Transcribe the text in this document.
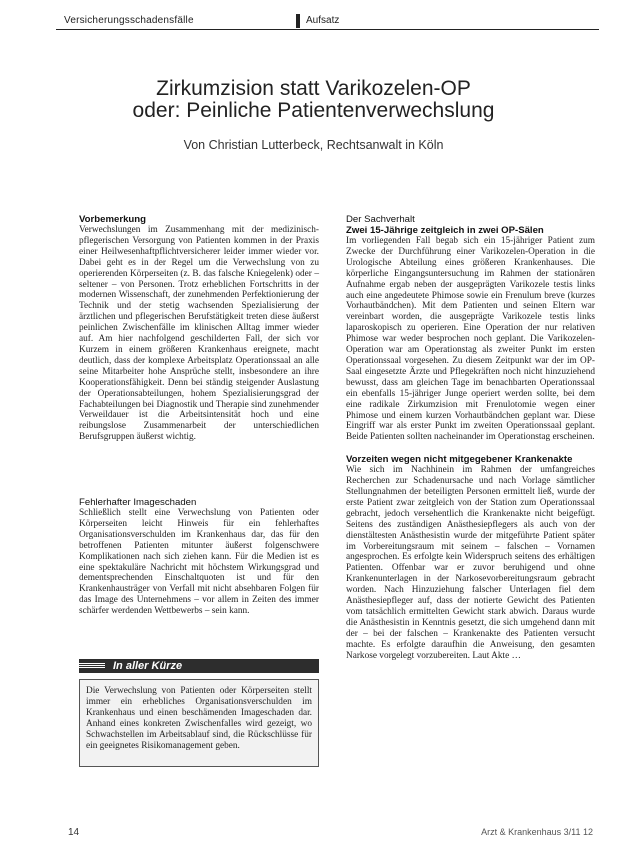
Versicherungsschadensfälle	Aufsatz
Zirkumzision statt Varikozelen-OP
oder: Peinliche Patientenverwechslung
Von Christian Lutterbeck, Rechtsanwalt in Köln
Vorbemerkung

Verwechslungen im Zusammenhang mit der medizinisch-pflegerischen Versorgung von Patienten kommen in der Praxis einer Heilwesenhaftpflichtversicherer leider immer wieder vor. Dabei geht es in der Regel um die Verwechslung von zu operierenden Körperseiten (z. B. das falsche Kniegelenk) oder – seltener – von Personen. Trotz erheblichen Fortschritts in der modernen Wissenschaft, der zunehmenden Perfektionierung der Technik und der stetig wachsenden Spezialisierung der ärztlichen und pflegerischen Berufstätigkeit treten diese äußerst peinlichen Zwischenfälle im klinischen Alltag immer wieder auf. Am hier nachfolgend geschilderten Fall, der sich vor Kurzem in einem größeren Krankenhaus ereignete, macht deutlich, dass der komplexe Arbeitsplatz Operationssaal an alle seine Mitarbeiter hohe Ansprüche stellt, insbesondere an ihre Kooperationsfähigkeit. Denn bei ständig steigender Auslastung der Operationsabteilungen, hohem Spezialisierungsgrad der Fachabteilungen bei Diagnostik und Therapie sind zunehmender Verweildauer ist die Arbeitsintensität hoch und eine reibungslose Zusammenarbeit der unterschiedlichen Berufsgruppen äußerst wichtig.

Fehlerhafter Imageschaden

Schließlich stellt eine Verwechslung von Patienten oder Körperseiten leicht Hinweis für ein fehlerhaftes Organisationsverschulden im Krankenhaus dar, das für den betroffenen Patienten mitunter äußerst folgenschwere Komplikationen nach sich ziehen kann. Für die Medien ist es eine spektakuläre Nachricht mit höchstem Wirkungsgrad und dementsprechenden Einschaltquoten ist und für den Krankenhausträger von Verfall mit nicht absehbaren Folgen für das Image des Unternehmens – vor allem in Zeiten des immer schärfer werdenden Wettbewerbs – sein kann.

In aller Kürze
Die Verwechslung von Patienten oder Körperseiten stellt immer ein erhebliches Organisationsverschulden im Krankenhaus und einen beschämenden Imageschaden dar. Anhand eines konkreten Zwischenfalles wird gezeigt, wo Schwachstellen im Arbeitsablauf sind, die Rückschlüsse für ein geeignetes Risikomanagement geben.
Der Sachverhalt
Zwei 15-Jährige zeitgleich in zwei OP-Sälen

Im vorliegenden Fall begab sich ein 15-jähriger Patient zum Zwecke der Durchführung einer Varikozelen-Operation in die Urologische Abteilung eines größeren Krankenhauses. Die körperliche Eingangsuntersuchung im Rahmen der stationären Aufnahme ergab neben der ausgeprägten Varikozele testis links auch eine angedeutete Phimose sowie ein Frenulum breve (kurzes Vorhautbändchen). Mit dem Patienten und seinen Eltern war vereinbart worden, die ausgeprägte Varikozele testis links laparoskopisch zu operieren. Eine Operation der nur relativen Phimose war weder besprochen noch geplant. Die Varikozelen-Operation war am Operationstag als zweiter Punkt im ersten Operationssaal vorgesehen. Zu diesem Zeitpunkt war der im OP-Saal eingesetzte Ärzte und Pflegekräften noch nicht hinzuziehend bewusst, dass am gleichen Tage im benachbarten Operationssaal ein ebenfalls 15-jähriger Junge operiert werden sollte, bei dem eine radikale Zirkumzision mit Frenulotomie wegen einer Phimose und einem kurzen Vorhautbändchen geplant war. Diese Eingriff war als erster Punkt im zweiten Operationssaal geplant. Beide Patienten sollten nacheinander im Operationstag erscheinen.

Vorzeiten wegen nicht mitgegebener Krankenakte

Wie sich im Nachhinein im Rahmen der umfangreiches Recherchen zur Schadenursache und nach Vorlage sämtlicher Stellungnahmen der beteiligten Personen ermittelt ließ, wurde der erste Patient zwar zeitgleich von der Station zum Operationssaal gebracht, jedoch versehentlich die Krankenakte nicht beigefügt. Seitens des zuständigen Anästhesiepflegers als auch von der dienstältesten Anästhesistin wurde der mitgeführte Patient später im Vorbereitungsraum mit seinem – falschen – Vornamen angesprochen. Es erfolgte kein Widerspruch seitens des erhältigen Patienten. Offenbar war er zuvor beruhigend und ohne Krankenunterlagen in der Narkosevorbereitungsraum gebracht worden. Nach Hinzuziehung falscher Unterlagen fiel dem Anästhesiepfleger auf, dass der notierte Gewicht des Patienten vom tatsächlich ermittelten Gewicht stark abwich. Daraus wurde die Anästhesistin in Kenntnis gesetzt, die sich umgehend dann mit der – bei der falschen – Krankenakte des Patienten versucht machte. Es erfolgte daraufhin die Anweisung, den gesamten Narkose vorgelegt vorzubereiten. Laut Akte …

14	Arzt & Krankenhaus 3/11 12
